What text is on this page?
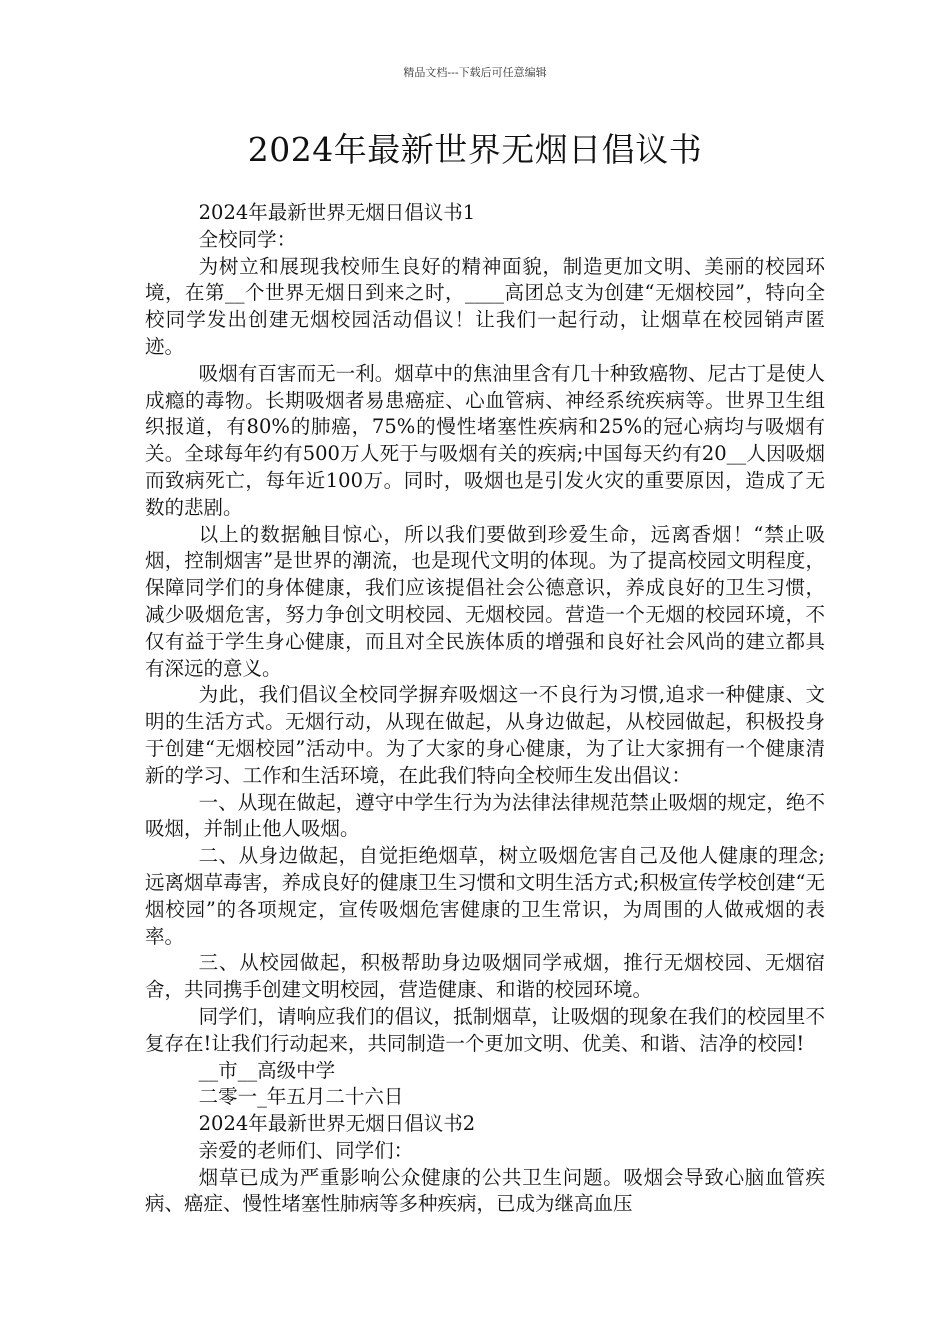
精品文档---下载后可任意编辑
2024年最新世界无烟日倡议书

2024年最新世界无烟日倡议书1

全校同学：

为树立和展现我校师生良好的精神面貌，制造更加文明、美丽的校园环境，在第__个世界无烟日到来之时，____高团总支为创建“无烟校园”，特向全校同学发出创建无烟校园活动倡议！让我们一起行动，让烟草在校园销声匿迹。

吸烟有百害而无一利。烟草中的焦油里含有几十种致癌物、尼古丁是使人成瘾的毒物。长期吸烟者易患癌症、心血管病、神经系统疾病等。世界卫生组织报道，有80%的肺癌，75%的慢性堵塞性疾病和25%的冠心病均与吸烟有关。全球每年约有500万人死于与吸烟有关的疾病;中国每天约有20__人因吸烟而致病死亡，每年近100万。同时，吸烟也是引发火灾的重要原因，造成了无数的悲剧。

以上的数据触目惊心，所以我们要做到珍爱生命，远离香烟！“禁止吸烟，控制烟害”是世界的潮流，也是现代文明的体现。为了提高校园文明程度，保障同学们的身体健康，我们应该提倡社会公德意识，养成良好的卫生习惯，减少吸烟危害，努力争创文明校园、无烟校园。营造一个无烟的校园环境，不仅有益于学生身心健康，而且对全民族体质的增强和良好社会风尚的建立都具有深远的意义。

为此，我们倡议全校同学摒弃吸烟这一不良行为习惯,追求一种健康、文明的生活方式。无烟行动，从现在做起，从身边做起，从校园做起，积极投身于创建“无烟校园”活动中。为了大家的身心健康，为了让大家拥有一个健康清新的学习、工作和生活环境，在此我们特向全校师生发出倡议：

一、从现在做起，遵守中学生行为为法律法律规范禁止吸烟的规定，绝不吸烟，并制止他人吸烟。

二、从身边做起，自觉拒绝烟草，树立吸烟危害自己及他人健康的理念;远离烟草毒害，养成良好的健康卫生习惯和文明生活方式;积极宣传学校创建“无烟校园”的各项规定，宣传吸烟危害健康的卫生常识，为周围的人做戒烟的表率。

三、从校园做起，积极帮助身边吸烟同学戒烟，推行无烟校园、无烟宿舍，共同携手创建文明校园，营造健康、和谐的校园环境。

同学们，请响应我们的倡议，抵制烟草，让吸烟的现象在我们的校园里不复存在!让我们行动起来，共同制造一个更加文明、优美、和谐、洁净的校园!

__市__高级中学

二零一_年五月二十六日

2024年最新世界无烟日倡议书2

亲爱的老师们、同学们：

烟草已成为严重影响公众健康的公共卫生问题。吸烟会导致心脑血管疾病、癌症、慢性堵塞性肺病等多种疾病，已成为继高血压
